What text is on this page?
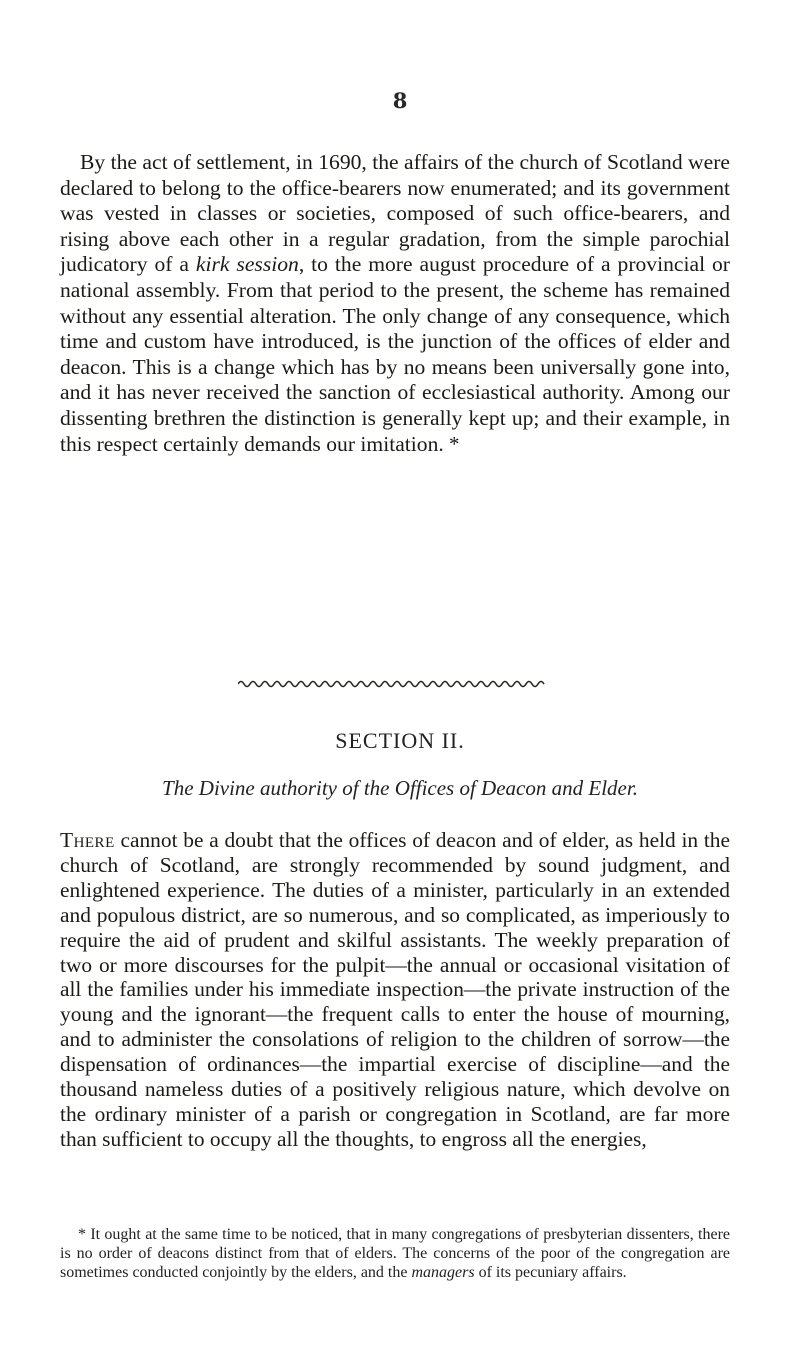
8

By the act of settlement, in 1690, the affairs of the church of Scotland were declared to belong to the office-bearers now enumerated; and its government was vested in classes or societies, composed of such office-bearers, and rising above each other in a regular gradation, from the simple parochial judicatory of a kirk session, to the more august procedure of a provincial or national assembly. From that period to the present, the scheme has remained without any essential alteration. The only change of any consequence, which time and custom have introduced, is the junction of the offices of elder and deacon. This is a change which has by no means been universally gone into, and it has never received the sanction of ecclesiastical authority. Among our dissenting brethren the distinction is generally kept up; and their example, in this respect certainly demands our imitation. *

SECTION II.
The Divine authority of the Offices of Deacon and Elder.

There cannot be a doubt that the offices of deacon and of elder, as held in the church of Scotland, are strongly recommended by sound judgment, and enlightened experience. The duties of a minister, particularly in an extended and populous district, are so numerous, and so complicated, as imperiously to require the aid of prudent and skilful assistants. The weekly preparation of two or more discourses for the pulpit—the annual or occasional visitation of all the families under his immediate inspection—the private instruction of the young and the ignorant—the frequent calls to enter the house of mourning, and to administer the consolations of religion to the children of sorrow—the dispensation of ordinances—the impartial exercise of discipline—and the thousand nameless duties of a positively religious nature, which devolve on the ordinary minister of a parish or congregation in Scotland, are far more than sufficient to occupy all the thoughts, to engross all the energies,

* It ought at the same time to be noticed, that in many congregations of presbyterian dissenters, there is no order of deacons distinct from that of elders. The concerns of the poor of the congregation are sometimes conducted conjointly by the elders, and the managers of its pecuniary affairs.
